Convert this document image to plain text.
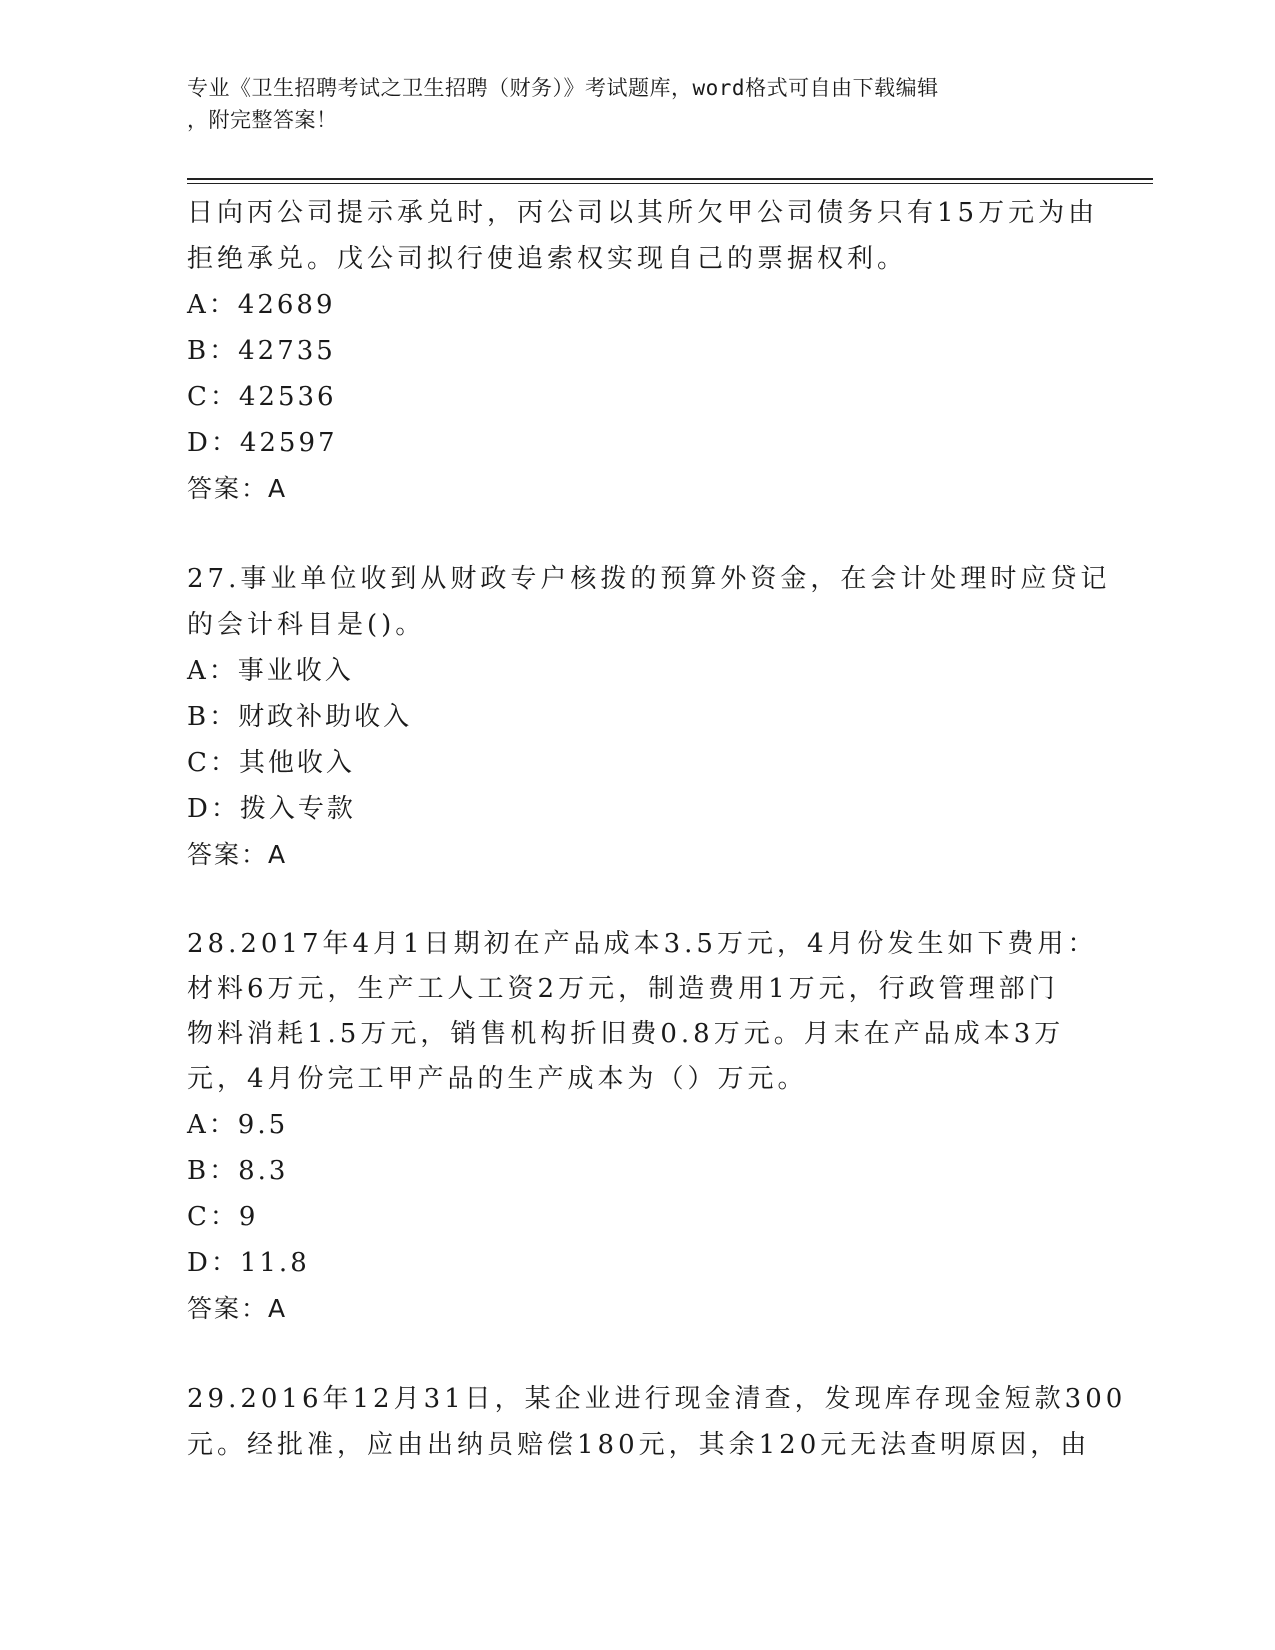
专业《卫生招聘考试之卫生招聘（财务）》考试题库，word格式可自由下载编辑
，附完整答案！
日向丙公司提示承兑时，丙公司以其所欠甲公司债务只有15万元为由
拒绝承兑。戊公司拟行使追索权实现自己的票据权利。
A：42689
B：42735
C：42536
D：42597
答案：A
27.事业单位收到从财政专户核拨的预算外资金，在会计处理时应贷记
的会计科目是()。
A：事业收入
B：财政补助收入
C：其他收入
D：拨入专款
答案：A
28.2017年4月1日期初在产品成本3.5万元，4月份发生如下费用：
材料6万元，生产工人工资2万元，制造费用1万元，行政管理部门
物料消耗1.5万元，销售机构折旧费0.8万元。月末在产品成本3万
元，4月份完工甲产品的生产成本为（）万元。
A：9.5
B：8.3
C：9
D：11.8
答案：A
29.2016年12月31日，某企业进行现金清查，发现库存现金短款300
元。经批准，应由出纳员赔偿180元，其余120元无法查明原因，由
